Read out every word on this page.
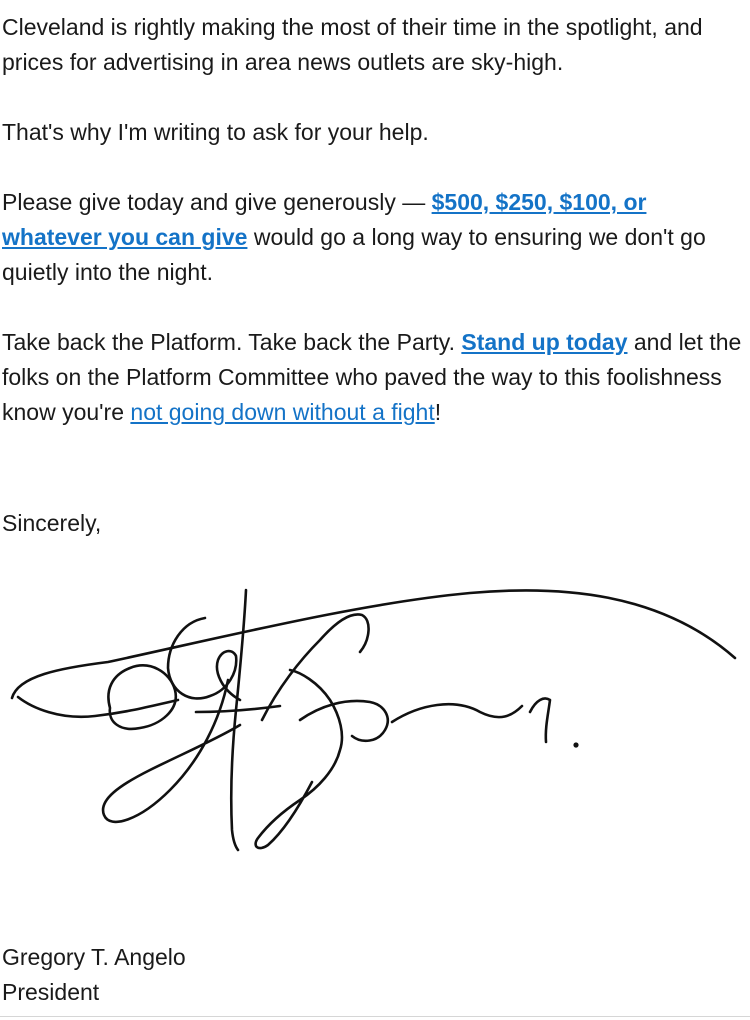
Cleveland is rightly making the most of their time in the spotlight, and prices for advertising in area news outlets are sky-high.

That's why I'm writing to ask for your help.

Please give today and give generously — $500, $250, $100, or whatever you can give would go a long way to ensuring we don't go quietly into the night.

Take back the Platform. Take back the Party. Stand up today and let the folks on the Platform Committee who paved the way to this foolishness know you're not going down without a fight!

Sincerely,
Gregory T. Angelo
President
